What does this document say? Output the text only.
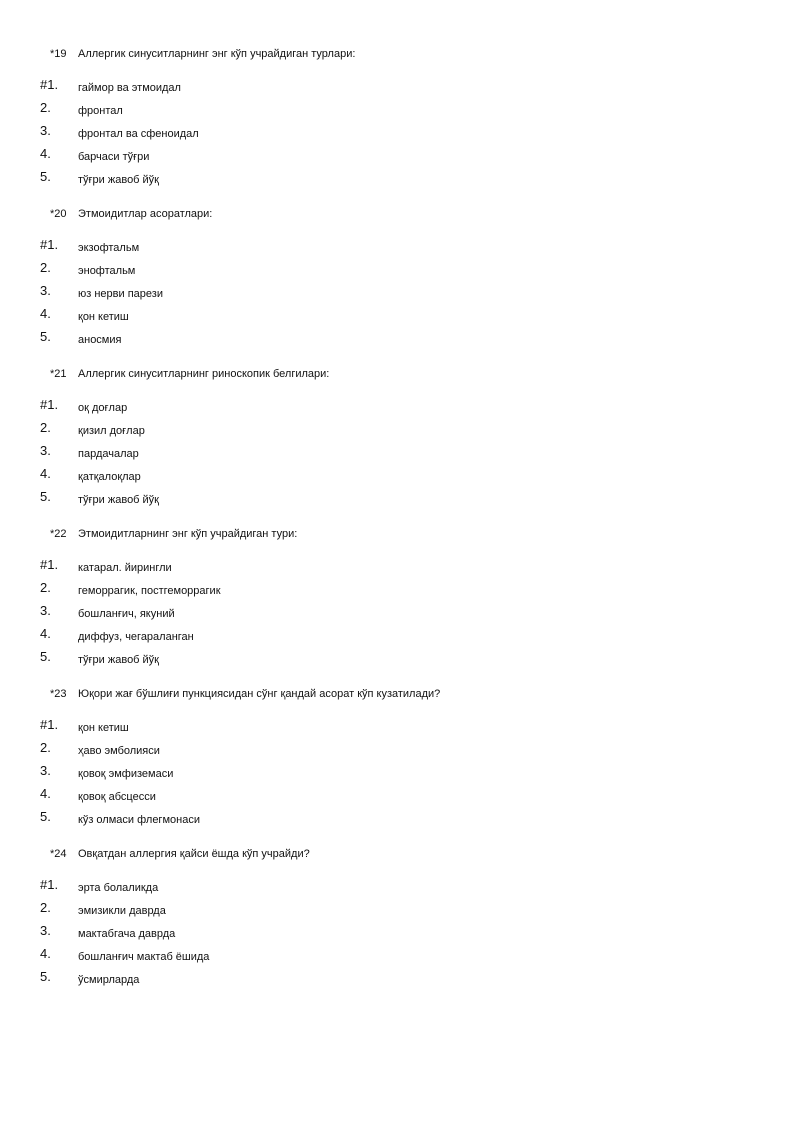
*19 Аллергик синуситларнинг энг кўп учрайдиган турлари:
#1. гаймор ва этмоидал
2. фронтал
3. фронтал ва сфеноидал
4. барчаси тўғри
5. тўғри жавоб йўқ
*20 Этмоидитлар асоратлари:
#1. экзофтальм
2. энофтальм
3. юз нерви парези
4. қон кетиш
5. аносмия
*21 Аллергик синуситларнинг риноскопик белгилари:
#1. оқ доғлар
2. қизил доғлар
3. пардачалар
4. қатқалоқлар
5. тўғри жавоб йўқ
*22 Этмоидитларнинг энг кўп учрайдиган тури:
#1. катарал. йирингли
2. геморрагик, постгеморрагик
3. бошланғич, якуний
4. диффуз, чегараланган
5. тўғри жавоб йўқ
*23 Юқори жағ бўшлиғи пункциясидан сўнг қандай асорат кўп кузатилади?
#1. қон кетиш
2. ҳаво эмболияси
3. қовоқ эмфиземаси
4. қовоқ абсцесси
5. кўз олмаси флегмонаси
*24 Овқатдан аллергия қайси ёшда кўп учрайди?
#1. эрта болаликда
2. эмизикли даврда
3. мактабгача даврда
4. бошланғич мактаб ёшида
5. ўсмирларда
